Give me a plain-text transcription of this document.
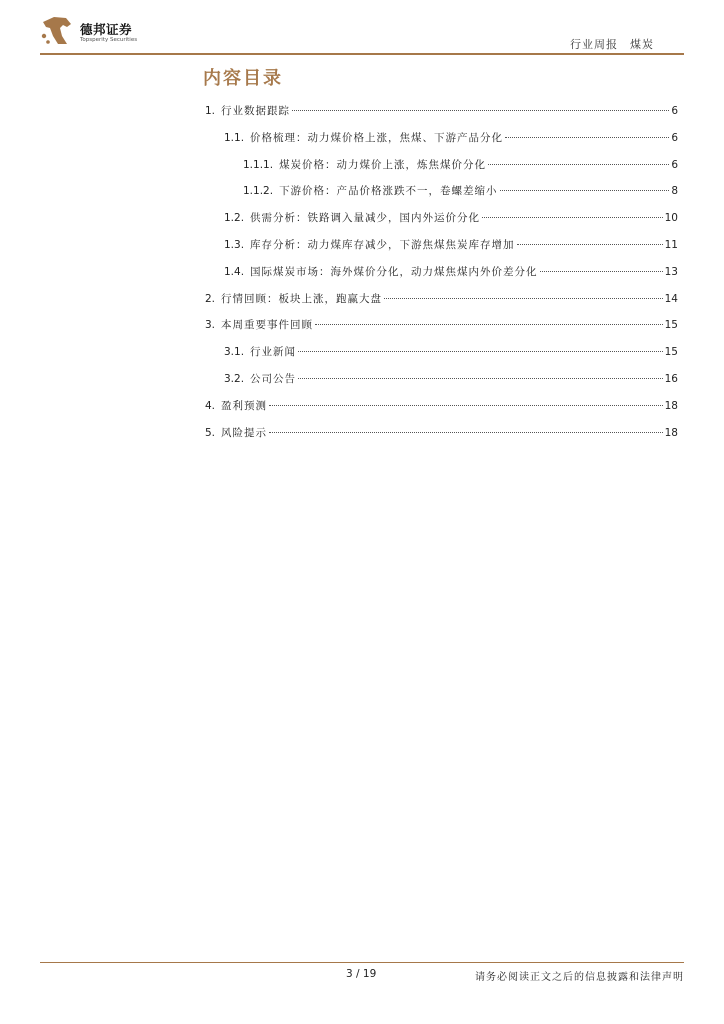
德邦证券
Topsperity Securities	行业周报 煤炭
内容目录
1. 行业数据跟踪	6
1.1. 价格梳理：动力煤价格上涨，焦煤、下游产品分化	6
1.1.1. 煤炭价格：动力煤价上涨，炼焦煤价分化	6
1.1.2. 下游价格：产品价格涨跌不一，卷螺差缩小	8
1.2. 供需分析：铁路调入量减少，国内外运价分化	10
1.3. 库存分析：动力煤库存减少，下游焦煤焦炭库存增加	11
1.4. 国际煤炭市场：海外煤价分化，动力煤焦煤内外价差分化	13
2. 行情回顾：板块上涨，跑赢大盘	14
3. 本周重要事件回顾	15
3.1. 行业新闻	15
3.2. 公司公告	16
4. 盈利预测	18
5. 风险提示	18
3 / 19	请务必阅读正文之后的信息披露和法律声明
